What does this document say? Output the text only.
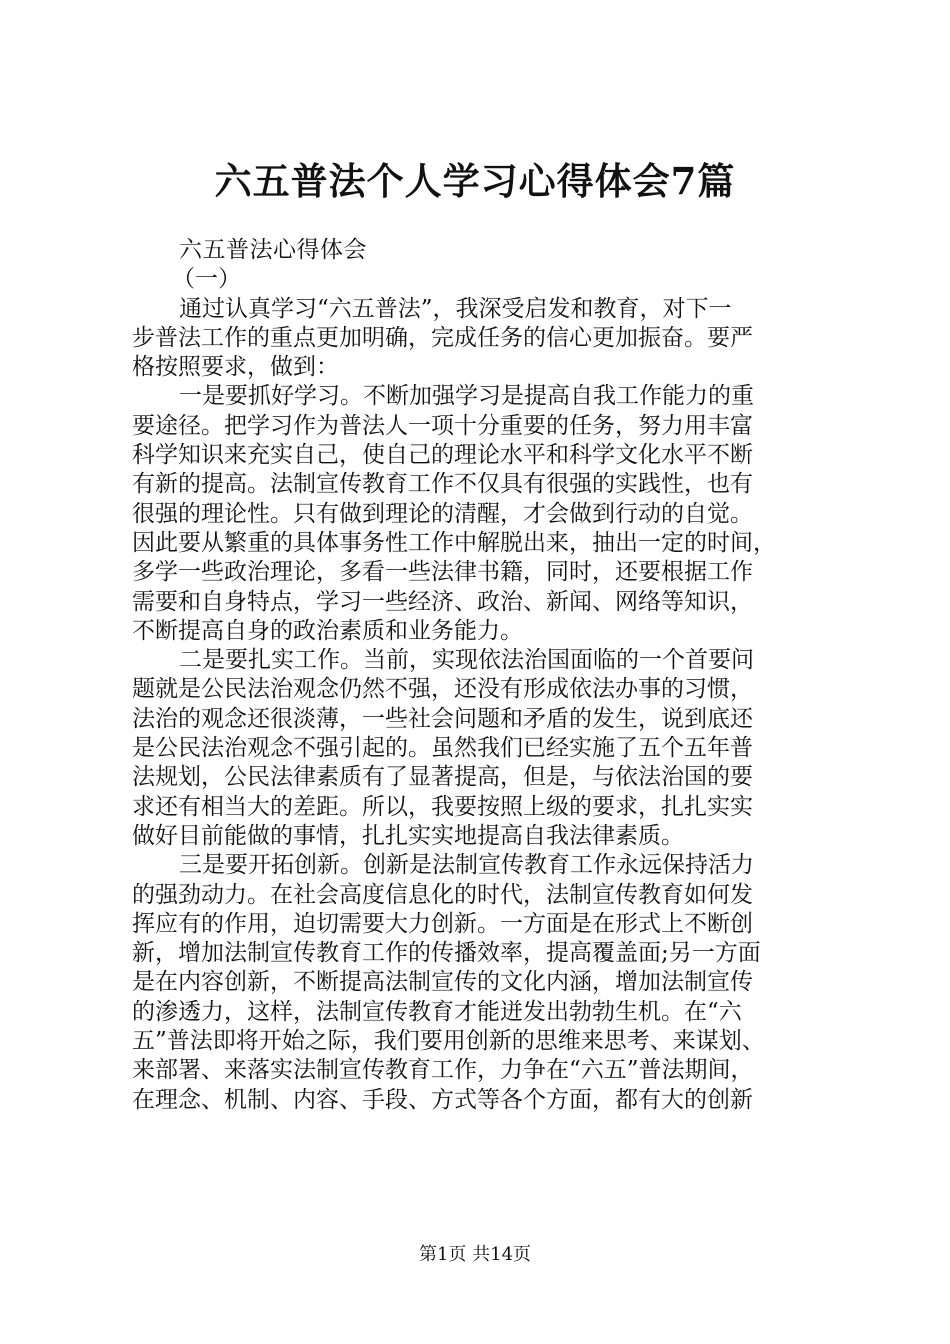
六五普法个人学习心得体会7篇
六五普法心得体会
（一）
通过认真学习“六五普法”，我深受启发和教育，对下一
步普法工作的重点更加明确，完成任务的信心更加振奋。要严
格按照要求，做到：
一是要抓好学习。不断加强学习是提高自我工作能力的重
要途径。把学习作为普法人一项十分重要的任务，努力用丰富
科学知识来充实自己，使自己的理论水平和科学文化水平不断
有新的提高。法制宣传教育工作不仅具有很强的实践性，也有
很强的理论性。只有做到理论的清醒，才会做到行动的自觉。
因此要从繁重的具体事务性工作中解脱出来，抽出一定的时间，
多学一些政治理论，多看一些法律书籍，同时，还要根据工作
需要和自身特点，学习一些经济、政治、新闻、网络等知识，
不断提高自身的政治素质和业务能力。
二是要扎实工作。当前，实现依法治国面临的一个首要问
题就是公民法治观念仍然不强，还没有形成依法办事的习惯，
法治的观念还很淡薄，一些社会问题和矛盾的发生，说到底还
是公民法治观念不强引起的。虽然我们已经实施了五个五年普
法规划，公民法律素质有了显著提高，但是，与依法治国的要
求还有相当大的差距。所以，我要按照上级的要求，扎扎实实
做好目前能做的事情，扎扎实实地提高自我法律素质。
三是要开拓创新。创新是法制宣传教育工作永远保持活力
的强劲动力。在社会高度信息化的时代，法制宣传教育如何发
挥应有的作用，迫切需要大力创新。一方面是在形式上不断创
新，增加法制宣传教育工作的传播效率，提高覆盖面;另一方面
是在内容创新，不断提高法制宣传的文化内涵，增加法制宣传
的渗透力，这样，法制宣传教育才能迸发出勃勃生机。在“六
五”普法即将开始之际，我们要用创新的思维来思考、来谋划、
来部署、来落实法制宣传教育工作，力争在“六五”普法期间，
在理念、机制、内容、手段、方式等各个方面，都有大的创新
第1页 共14页
